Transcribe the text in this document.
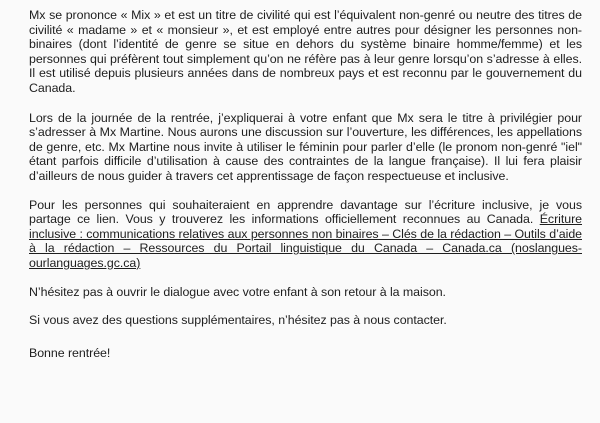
Mx se prononce « Mix » et est un titre de civilité qui est l’équivalent non-genré ou neutre des titres de civilité « madame » et « monsieur », et est employé entre autres pour désigner les personnes non-binaires (dont l’identité de genre se situe en dehors du système binaire homme/femme) et les personnes qui préfèrent tout simplement qu’on ne réfère pas à leur genre lorsqu’on s’adresse à elles. Il est utilisé depuis plusieurs années dans de nombreux pays et est reconnu par le gouvernement du Canada.

Lors de la journée de la rentrée, j’expliquerai à votre enfant que Mx sera le titre à privilégier pour s’adresser à Mx Martine. Nous aurons une discussion sur l’ouverture, les différences, les appellations de genre, etc. Mx Martine nous invite à utiliser le féminin pour parler d’elle (le pronom non-genré "iel" étant parfois difficile d’utilisation à cause des contraintes de la langue française). Il lui fera plaisir d’ailleurs de nous guider à travers cet apprentissage de façon respectueuse et inclusive.

Pour les personnes qui souhaiteraient en apprendre davantage sur l’écriture inclusive, je vous partage ce lien. Vous y trouverez les informations officiellement reconnues au Canada. Écriture inclusive : communications relatives aux personnes non binaires – Clés de la rédaction – Outils d’aide à la rédaction – Ressources du Portail linguistique du Canada – Canada.ca (noslangues-ourlanguages.gc.ca)

N’hésitez pas à ouvrir le dialogue avec votre enfant à son retour à la maison.

Si vous avez des questions supplémentaires, n’hésitez pas à nous contacter.

Bonne rentrée!
